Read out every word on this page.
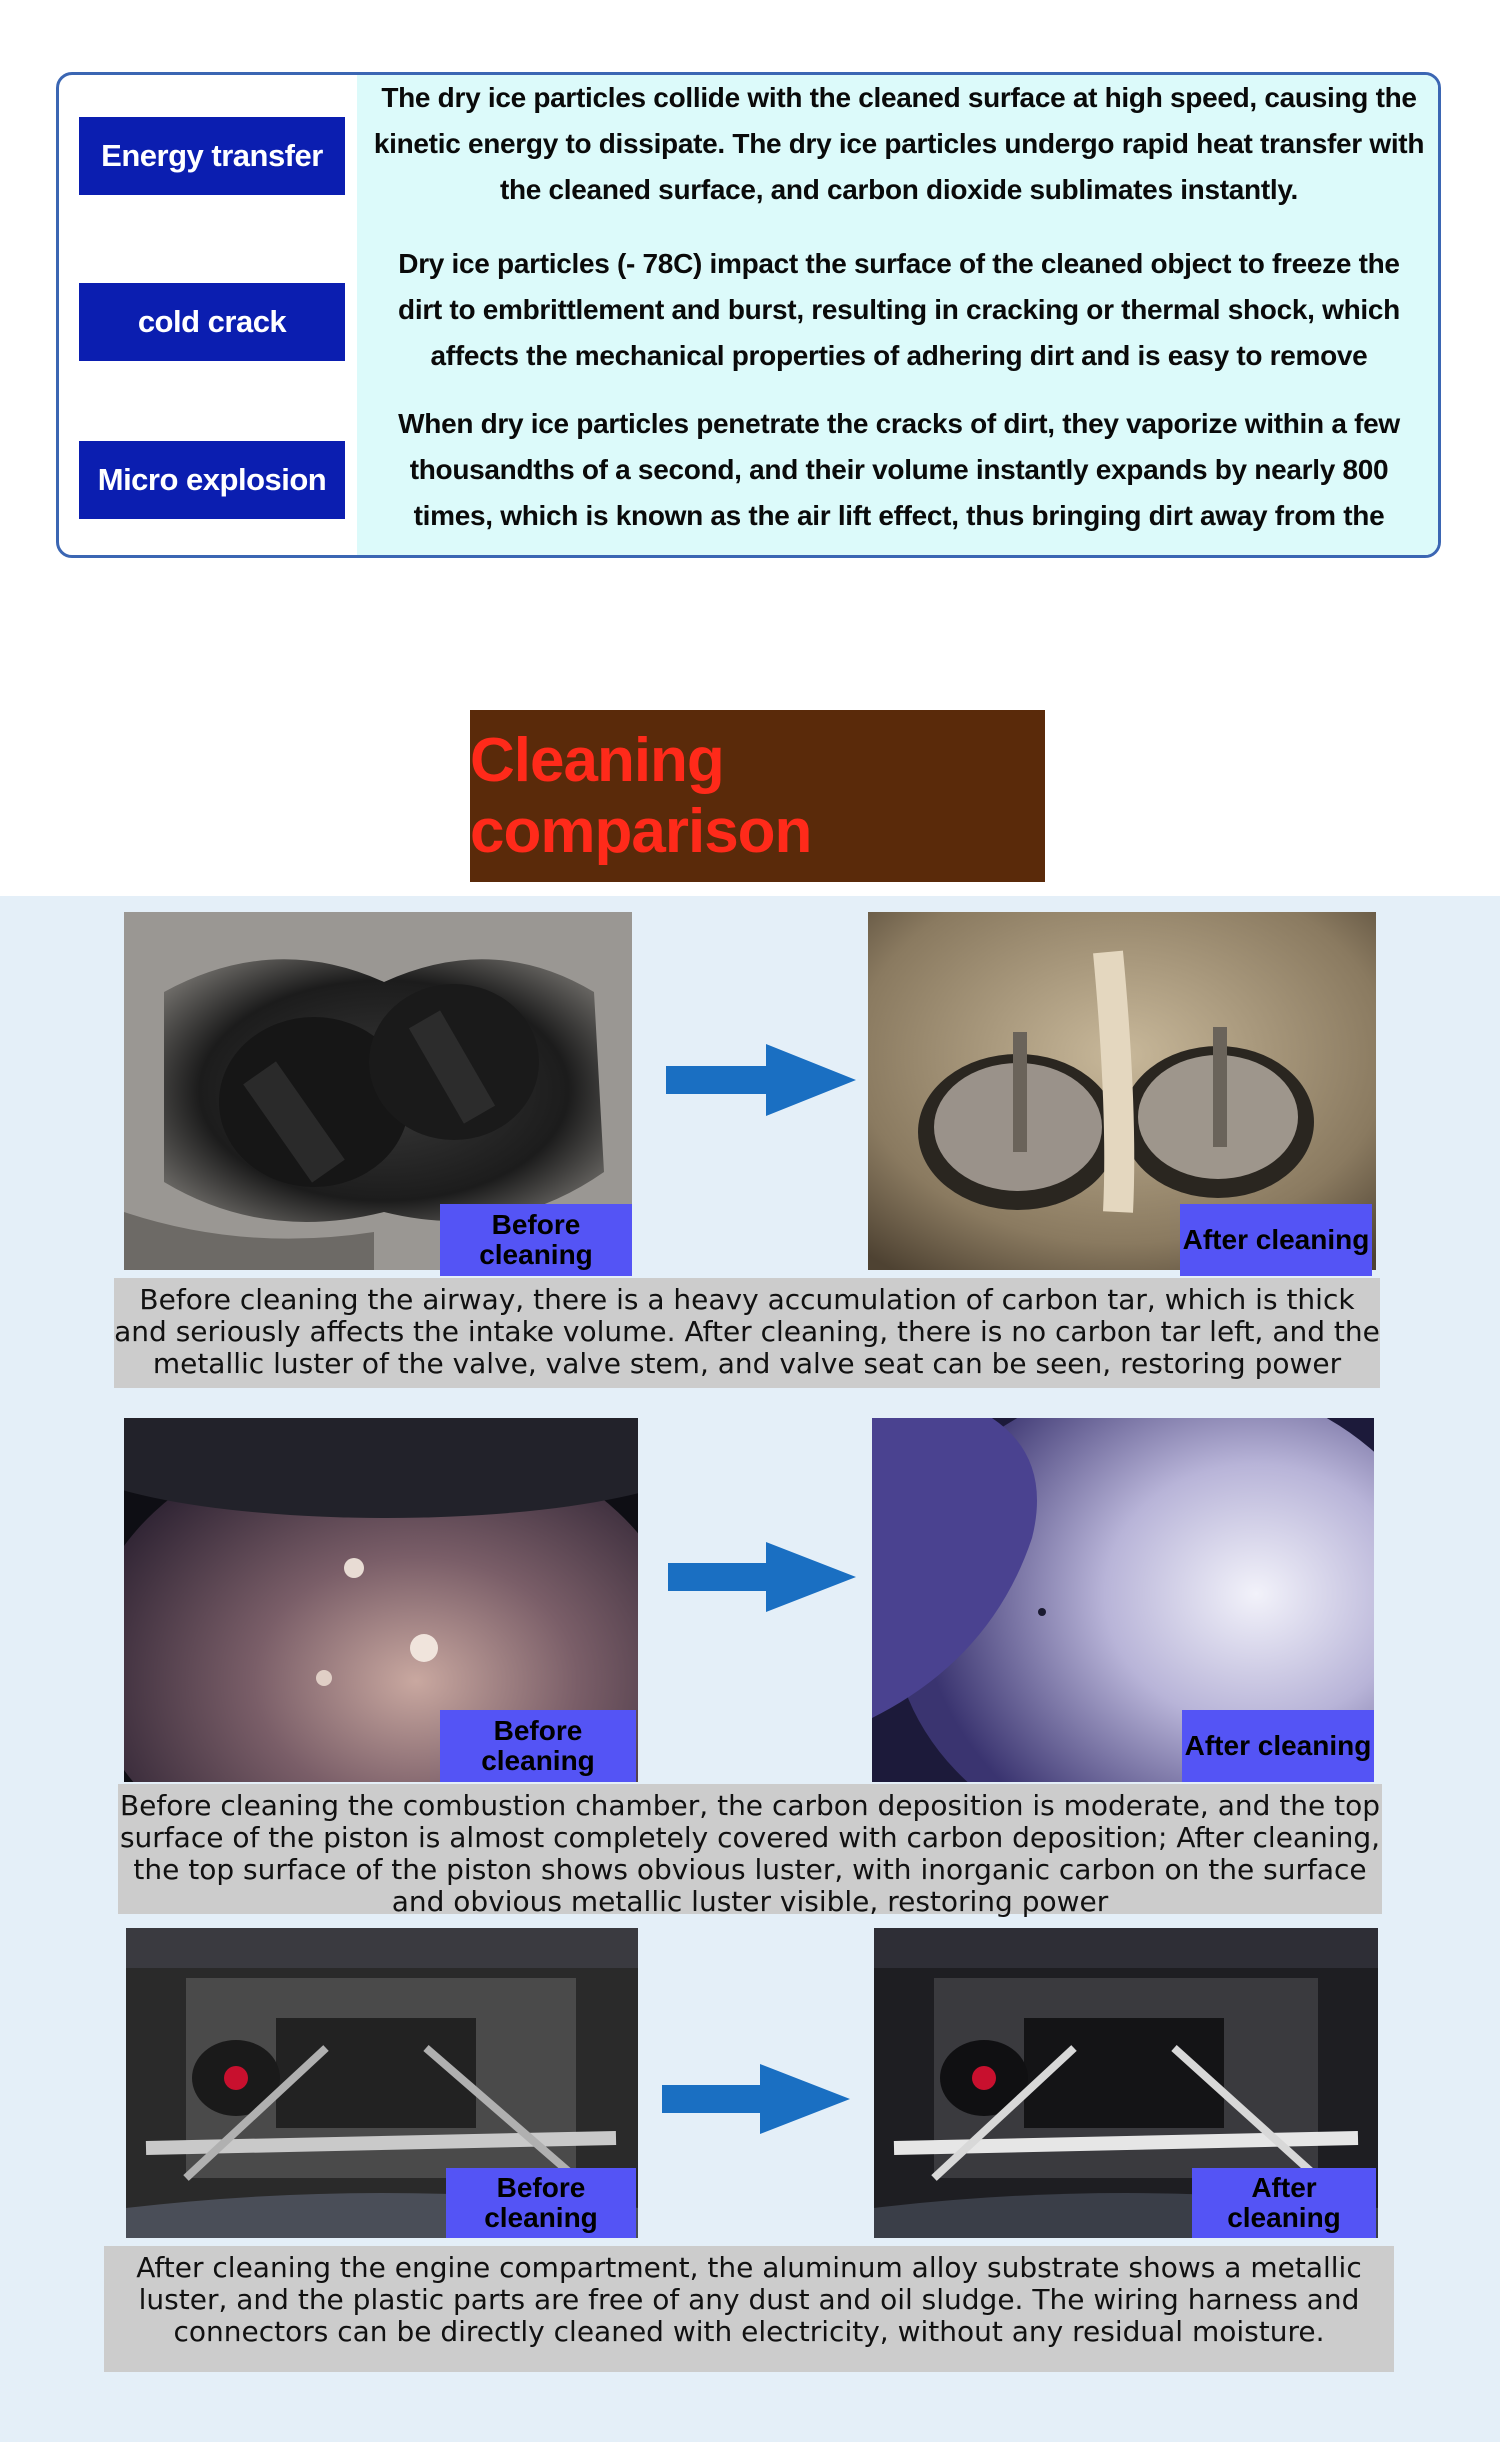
Energy transfer
The dry ice particles collide with the cleaned surface at high speed, causing the kinetic energy to dissipate. The dry ice particles undergo rapid heat transfer with the cleaned surface, and carbon dioxide sublimates instantly.
cold crack
Dry ice particles (- 78C) impact the surface of the cleaned object to freeze the dirt to embrittlement and burst, resulting in cracking or thermal shock, which affects the mechanical properties of adhering dirt and is easy to remove
Micro explosion
When dry ice particles penetrate the cracks of dirt, they vaporize within a few thousandths of a second, and their volume instantly expands by nearly 800 times, which is known as the air lift effect, thus bringing dirt away from the
Cleaning comparison
Before cleaning	After cleaning
Before cleaning the airway, there is a heavy accumulation of carbon tar, which is thick and seriously affects the intake volume. After cleaning, there is no carbon tar left, and the metallic luster of the valve, valve stem, and valve seat can be seen, restoring power
Before cleaning	After cleaning
Before cleaning the combustion chamber, the carbon deposition is moderate, and the top surface of the piston is almost completely covered with carbon deposition; After cleaning, the top surface of the piston shows obvious luster, with inorganic carbon on the surface and obvious metallic luster visible, restoring power
Before cleaning
After cleaning
After cleaning the engine compartment, the aluminum alloy substrate shows a metallic luster, and the plastic parts are free of any dust and oil sludge. The wiring harness and connectors can be directly cleaned with electricity, without any residual moisture.
